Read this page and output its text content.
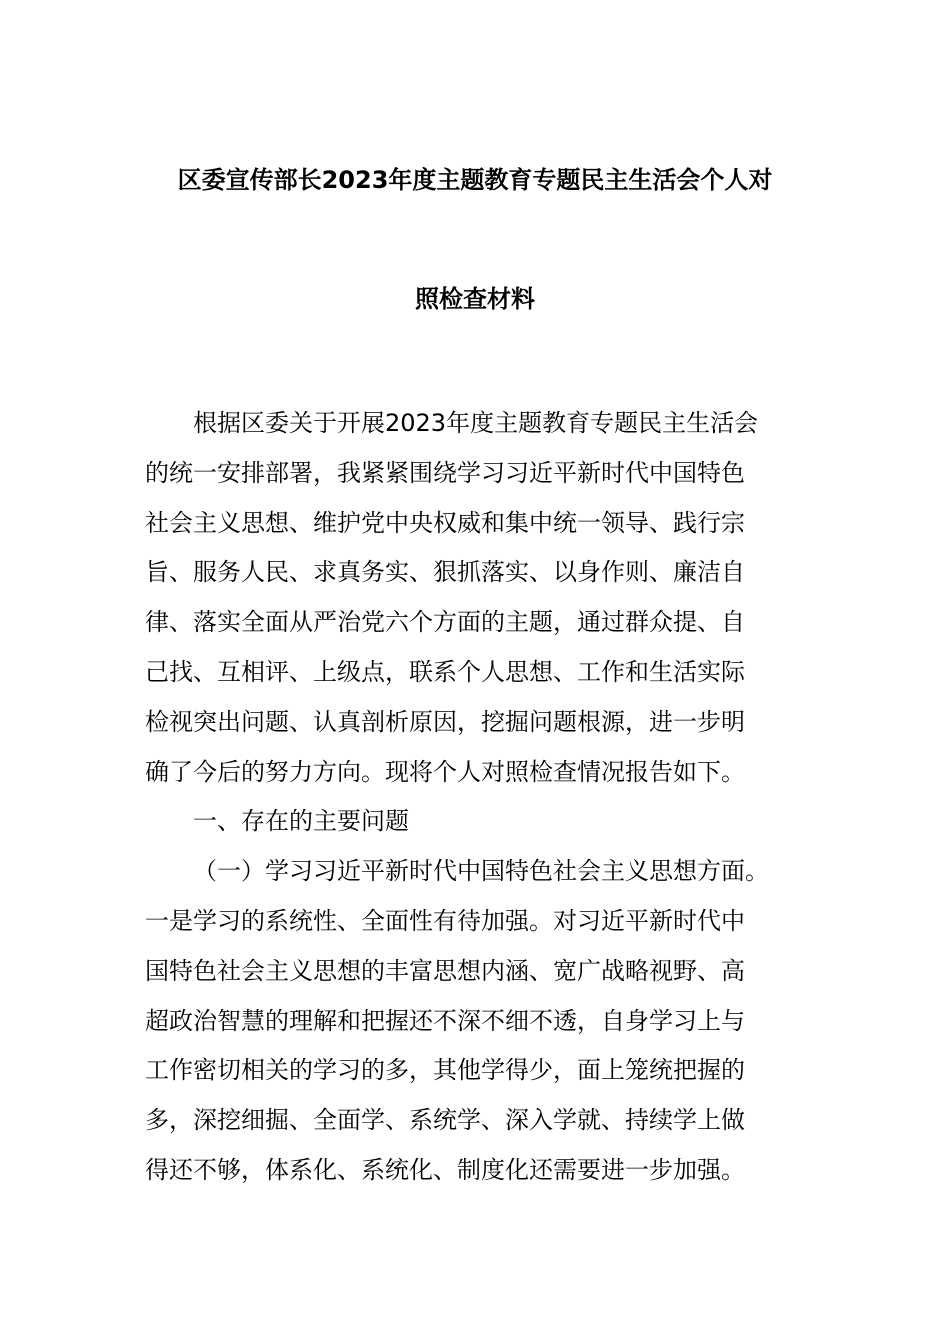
区委宣传部长2023年度主题教育专题民主生活会个人对
照检查材料
根据区委关于开展2023年度主题教育专题民主生活会
的统一安排部署，我紧紧围绕学习习近平新时代中国特色
社会主义思想、维护党中央权威和集中统一领导、践行宗
旨、服务人民、求真务实、狠抓落实、以身作则、廉洁自
律、落实全面从严治党六个方面的主题，通过群众提、自
己找、互相评、上级点，联系个人思想、工作和生活实际
检视突出问题、认真剖析原因，挖掘问题根源，进一步明
确了今后的努力方向。现将个人对照检查情况报告如下。
一、存在的主要问题
（一）学习习近平新时代中国特色社会主义思想方面。
一是学习的系统性、全面性有待加强。对习近平新时代中
国特色社会主义思想的丰富思想内涵、宽广战略视野、高
超政治智慧的理解和把握还不深不细不透，自身学习上与
工作密切相关的学习的多，其他学得少，面上笼统把握的
多，深挖细掘、全面学、系统学、深入学就、持续学上做
得还不够，体系化、系统化、制度化还需要进一步加强。
